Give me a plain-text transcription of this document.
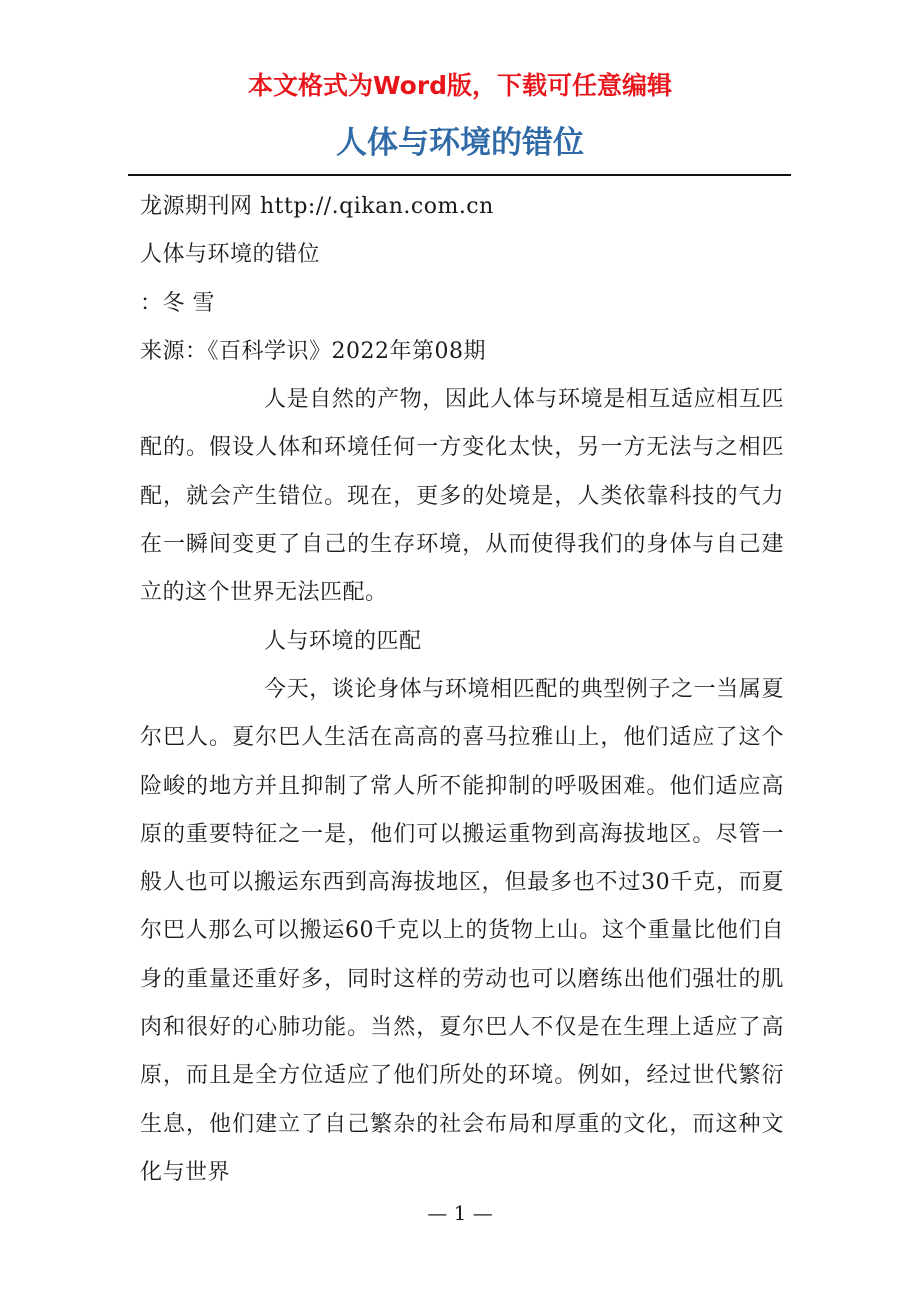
本文格式为Word版，下载可任意编辑
人体与环境的错位

龙源期刊网 http://.qikan.com.cn

人体与环境的错位

：冬 雪

来源：《百科学识》2022年第08期

人是自然的产物，因此人体与环境是相互适应相互匹配的。假设人体和环境任何一方变化太快，另一方无法与之相匹配，就会产生错位。现在，更多的处境是，人类依靠科技的气力在一瞬间变更了自己的生存环境，从而使得我们的身体与自己建立的这个世界无法匹配。

人与环境的匹配

今天，谈论身体与环境相匹配的典型例子之一当属夏尔巴人。夏尔巴人生活在高高的喜马拉雅山上，他们适应了这个险峻的地方并且抑制了常人所不能抑制的呼吸困难。他们适应高原的重要特征之一是，他们可以搬运重物到高海拔地区。尽管一般人也可以搬运东西到高海拔地区，但最多也不过30千克，而夏尔巴人那么可以搬运60千克以上的货物上山。这个重量比他们自身的重量还重好多，同时这样的劳动也可以磨练出他们强壮的肌肉和很好的心肺功能。当然，夏尔巴人不仅是在生理上适应了高原，而且是全方位适应了他们所处的环境。例如，经过世代繁衍生息，他们建立了自己繁杂的社会布局和厚重的文化，而这种文化与世界

— 1 —
